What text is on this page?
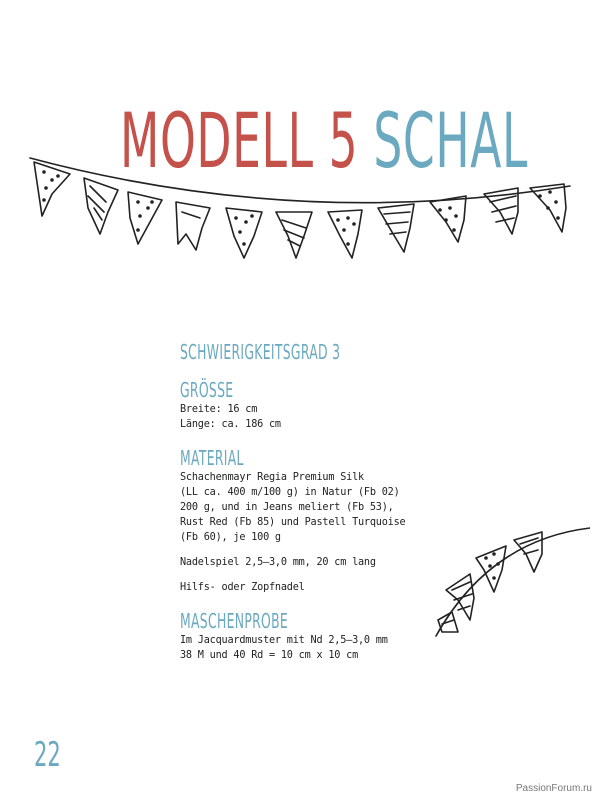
MODELL 5 SCHAL
SCHWIERIGKEITSGRAD 3
GRÖSSE
Breite: 16 cm
Länge: ca. 186 cm
MATERIAL
Schachenmayr Regia Premium Silk
(LL ca. 400 m/100 g) in Natur (Fb 02)
200 g, und in Jeans meliert (Fb 53),
Rust Red (Fb 85) und Pastell Turquoise
(Fb 60), je 100 g
Nadelspiel 2,5–3,0 mm, 20 cm lang
Hilfs- oder Zopfnadel
MASCHENPROBE
Im Jacquardmuster mit Nd 2,5–3,0 mm
38 M und 40 Rd = 10 cm x 10 cm
22
PassionForum.ru
